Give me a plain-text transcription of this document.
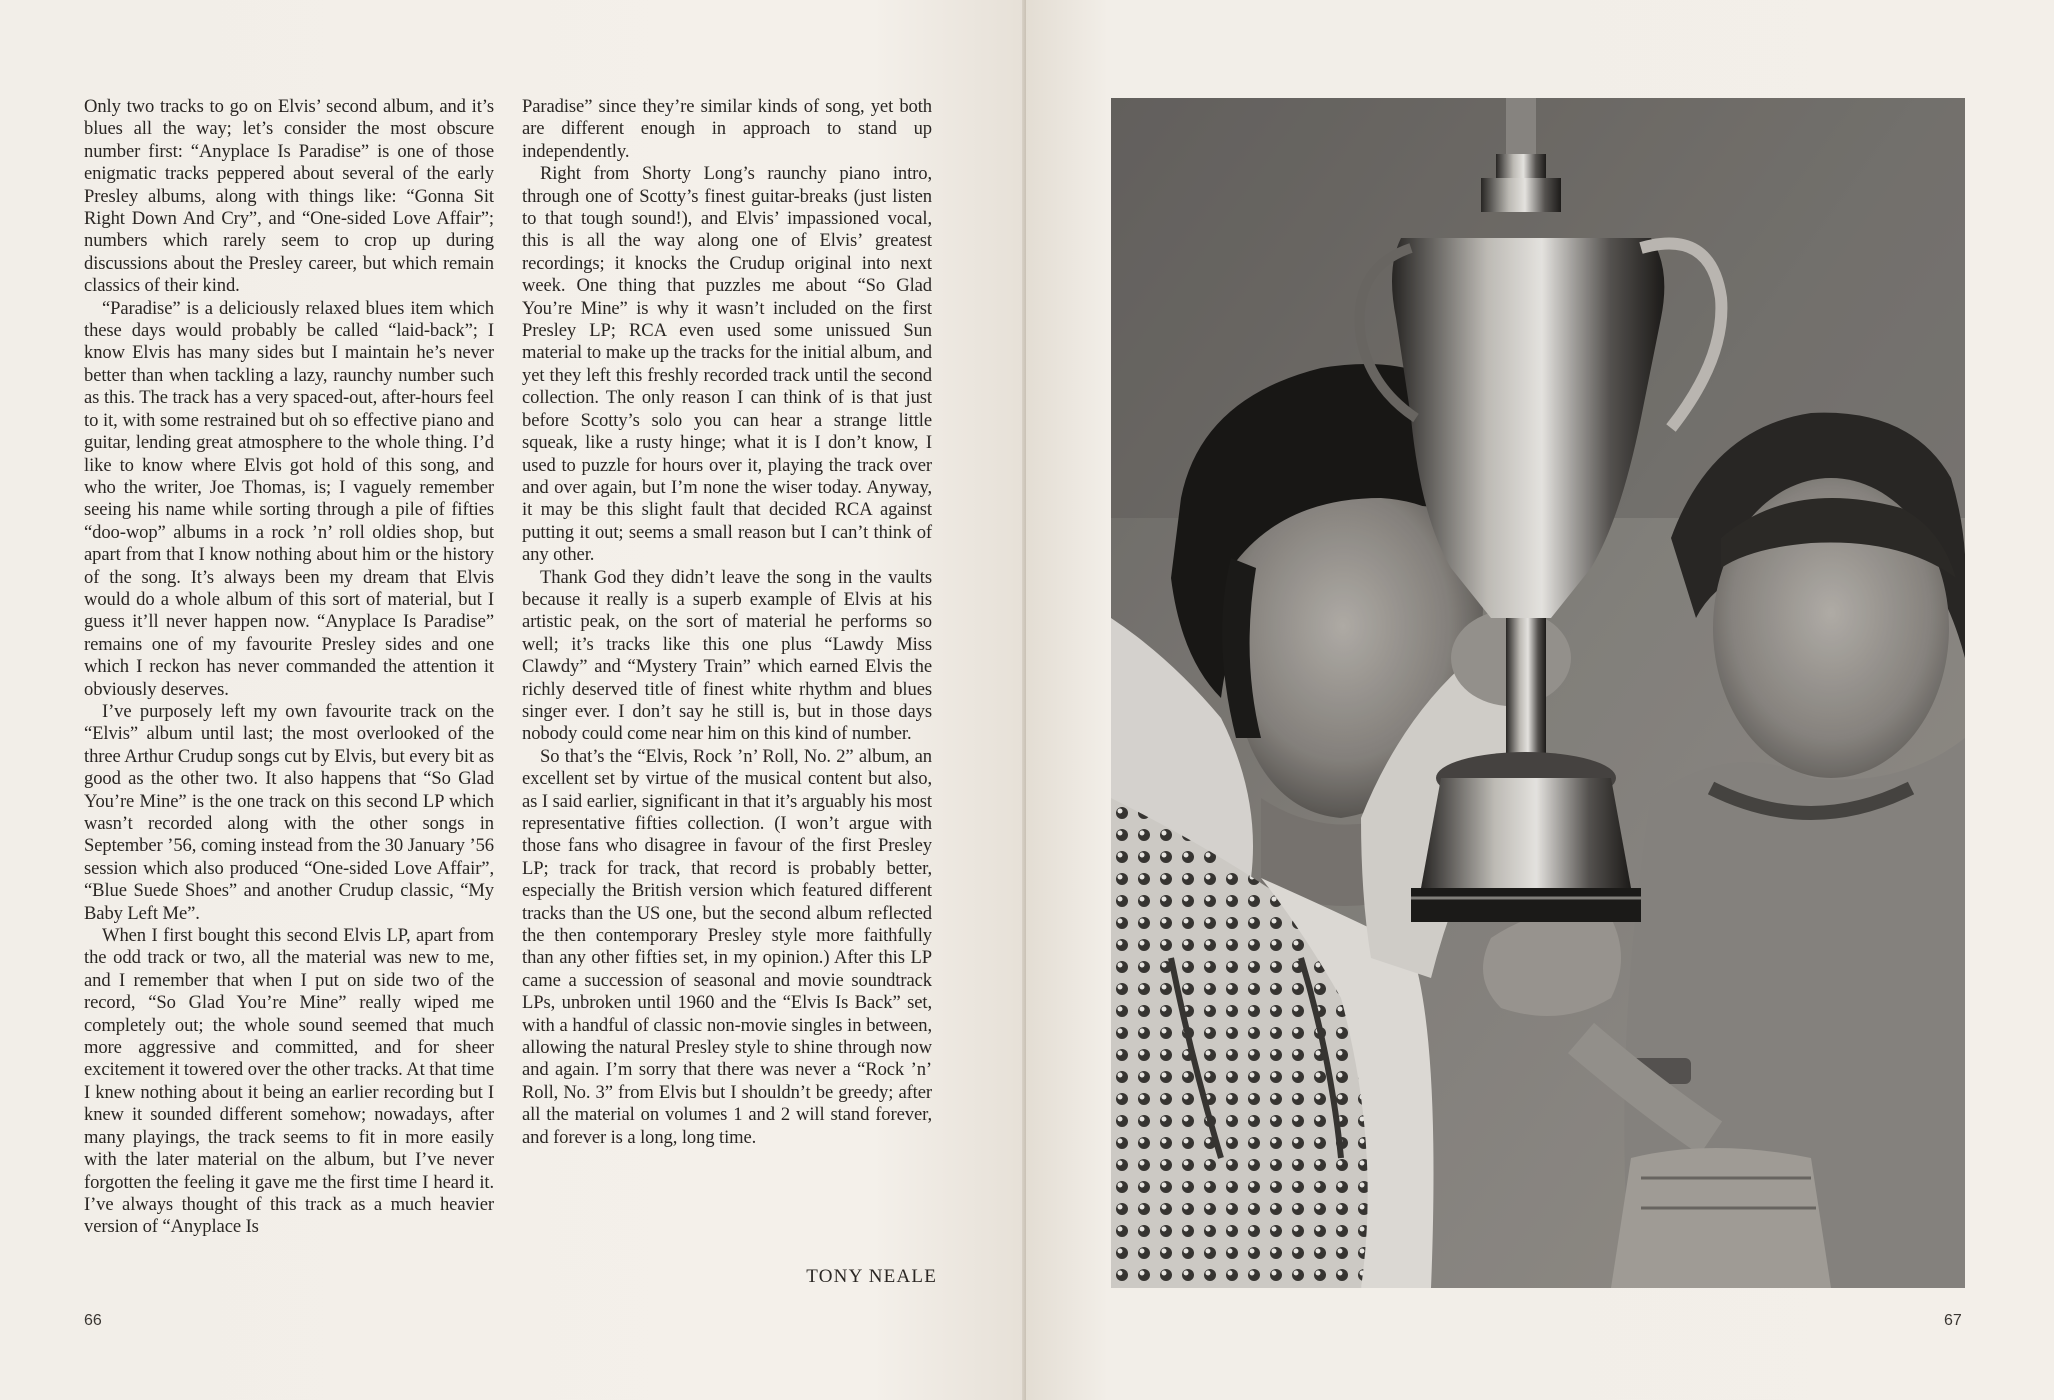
Only two tracks to go on Elvis’ second album, and it’s blues all the way; let’s consider the most obscure number first: “Anyplace Is Paradise” is one of those enigmatic tracks peppered about several of the early Presley albums, along with things like: “Gonna Sit Right Down And Cry”, and “One-sided Love Affair”; numbers which rarely seem to crop up during discussions about the Presley career, but which remain classics of their kind.

“Paradise” is a deliciously relaxed blues item which these days would probably be called “laid-back”; I know Elvis has many sides but I maintain he’s never better than when tackling a lazy, raunchy number such as this. The track has a very spaced-out, after-hours feel to it, with some restrained but oh so effective piano and guitar, lending great atmosphere to the whole thing. I’d like to know where Elvis got hold of this song, and who the writer, Joe Thomas, is; I vaguely remember seeing his name while sorting through a pile of fifties “doo-wop” albums in a rock ’n’ roll oldies shop, but apart from that I know nothing about him or the history of the song. It’s always been my dream that Elvis would do a whole album of this sort of material, but I guess it’ll never happen now. “Anyplace Is Paradise” remains one of my favourite Presley sides and one which I reckon has never commanded the attention it obviously deserves.

I’ve purposely left my own favourite track on the “Elvis” album until last; the most overlooked of the three Arthur Crudup songs cut by Elvis, but every bit as good as the other two. It also happens that “So Glad You’re Mine” is the one track on this second LP which wasn’t recorded along with the other songs in September ’56, coming instead from the 30 January ’56 session which also produced “One-sided Love Affair”, “Blue Suede Shoes” and another Crudup classic, “My Baby Left Me”.

When I first bought this second Elvis LP, apart from the odd track or two, all the material was new to me, and I remember that when I put on side two of the record, “So Glad You’re Mine” really wiped me completely out; the whole sound seemed that much more aggressive and committed, and for sheer excitement it towered over the other tracks. At that time I knew nothing about it being an earlier recording but I knew it sounded different somehow; nowadays, after many playings, the track seems to fit in more easily with the later material on the album, but I’ve never forgotten the feeling it gave me the first time I heard it. I’ve always thought of this track as a much heavier version of “Anyplace Is

Paradise” since they’re similar kinds of song, yet both are different enough in approach to stand up independently.

Right from Shorty Long’s raunchy piano intro, through one of Scotty’s finest guitar-breaks (just listen to that tough sound!), and Elvis’ impassioned vocal, this is all the way along one of Elvis’ greatest recordings; it knocks the Crudup original into next week. One thing that puzzles me about “So Glad You’re Mine” is why it wasn’t included on the first Presley LP; RCA even used some unissued Sun material to make up the tracks for the initial album, and yet they left this freshly recorded track until the second collection. The only reason I can think of is that just before Scotty’s solo you can hear a strange little squeak, like a rusty hinge; what it is I don’t know, I used to puzzle for hours over it, playing the track over and over again, but I’m none the wiser today. Anyway, it may be this slight fault that decided RCA against putting it out; seems a small reason but I can’t think of any other.

Thank God they didn’t leave the song in the vaults because it really is a superb example of Elvis at his artistic peak, on the sort of material he performs so well; it’s tracks like this one plus “Lawdy Miss Clawdy” and “Mystery Train” which earned Elvis the richly deserved title of finest white rhythm and blues singer ever. I don’t say he still is, but in those days nobody could come near him on this kind of number.

So that’s the “Elvis, Rock ’n’ Roll, No. 2” album, an excellent set by virtue of the musical content but also, as I said earlier, significant in that it’s arguably his most representative fifties collection. (I won’t argue with those fans who disagree in favour of the first Presley LP; track for track, that record is probably better, especially the British version which featured different tracks than the US one, but the second album reflected the then contemporary Presley style more faithfully than any other fifties set, in my opinion.) After this LP came a succession of seasonal and movie soundtrack LPs, unbroken until 1960 and the “Elvis Is Back” set, with a handful of classic non-movie singles in between, allowing the natural Presley style to shine through now and again. I’m sorry that there was never a “Rock ’n’ Roll, No. 3” from Elvis but I shouldn’t be greedy; after all the material on volumes 1 and 2 will stand forever, and forever is a long, long time.

TONY NEALE
66	67
